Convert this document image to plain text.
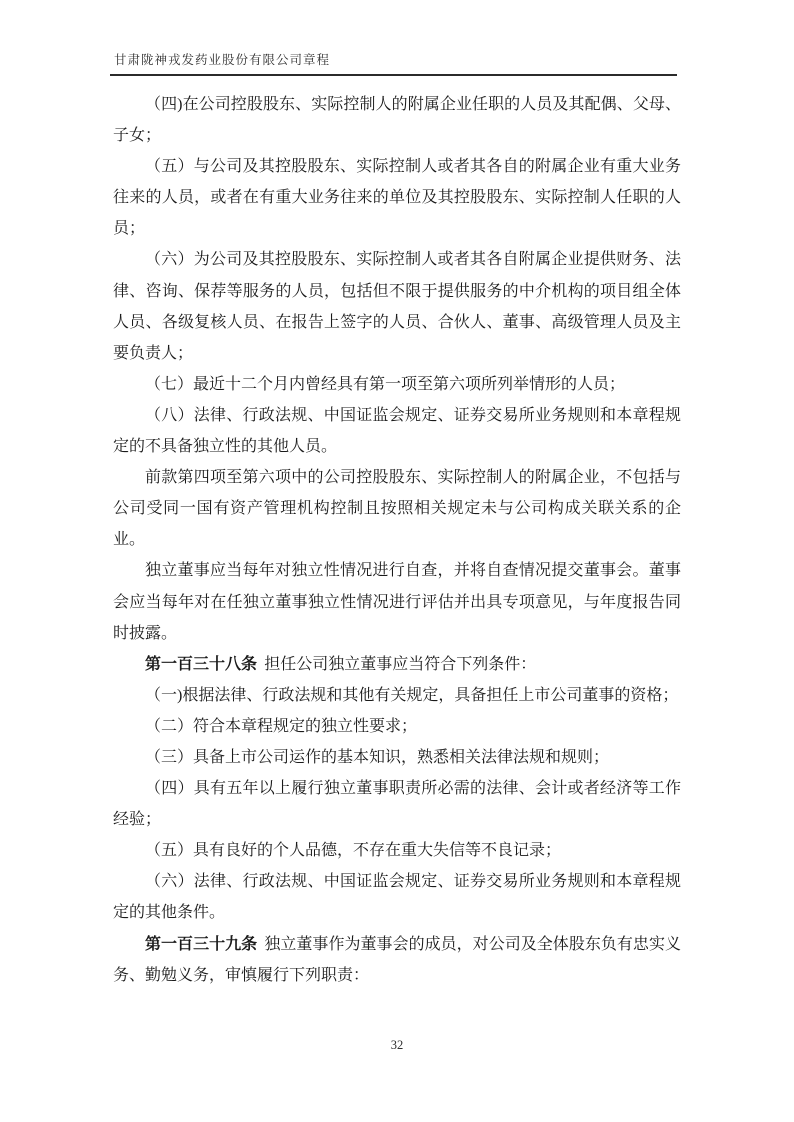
甘肃陇神戎发药业股份有限公司章程

（四)在公司控股股东、实际控制人的附属企业任职的人员及其配偶、父母、子女；

（五）与公司及其控股股东、实际控制人或者其各自的附属企业有重大业务往来的人员，或者在有重大业务往来的单位及其控股股东、实际控制人任职的人员；

（六）为公司及其控股股东、实际控制人或者其各自附属企业提供财务、法律、咨询、保荐等服务的人员，包括但不限于提供服务的中介机构的项目组全体人员、各级复核人员、在报告上签字的人员、合伙人、董事、高级管理人员及主要负责人；

（七）最近十二个月内曾经具有第一项至第六项所列举情形的人员；

（八）法律、行政法规、中国证监会规定、证券交易所业务规则和本章程规定的不具备独立性的其他人员。

前款第四项至第六项中的公司控股股东、实际控制人的附属企业，不包括与公司受同一国有资产管理机构控制且按照相关规定未与公司构成关联关系的企业。

独立董事应当每年对独立性情况进行自查，并将自查情况提交董事会。董事会应当每年对在任独立董事独立性情况进行评估并出具专项意见，与年度报告同时披露。

第一百三十八条 担任公司独立董事应当符合下列条件：

（一)根据法律、行政法规和其他有关规定，具备担任上市公司董事的资格；

（二）符合本章程规定的独立性要求；

（三）具备上市公司运作的基本知识，熟悉相关法律法规和规则；

（四）具有五年以上履行独立董事职责所必需的法律、会计或者经济等工作经验；

（五）具有良好的个人品德，不存在重大失信等不良记录；

（六）法律、行政法规、中国证监会规定、证券交易所业务规则和本章程规定的其他条件。

第一百三十九条 独立董事作为董事会的成员，对公司及全体股东负有忠实义务、勤勉义务，审慎履行下列职责：

32
